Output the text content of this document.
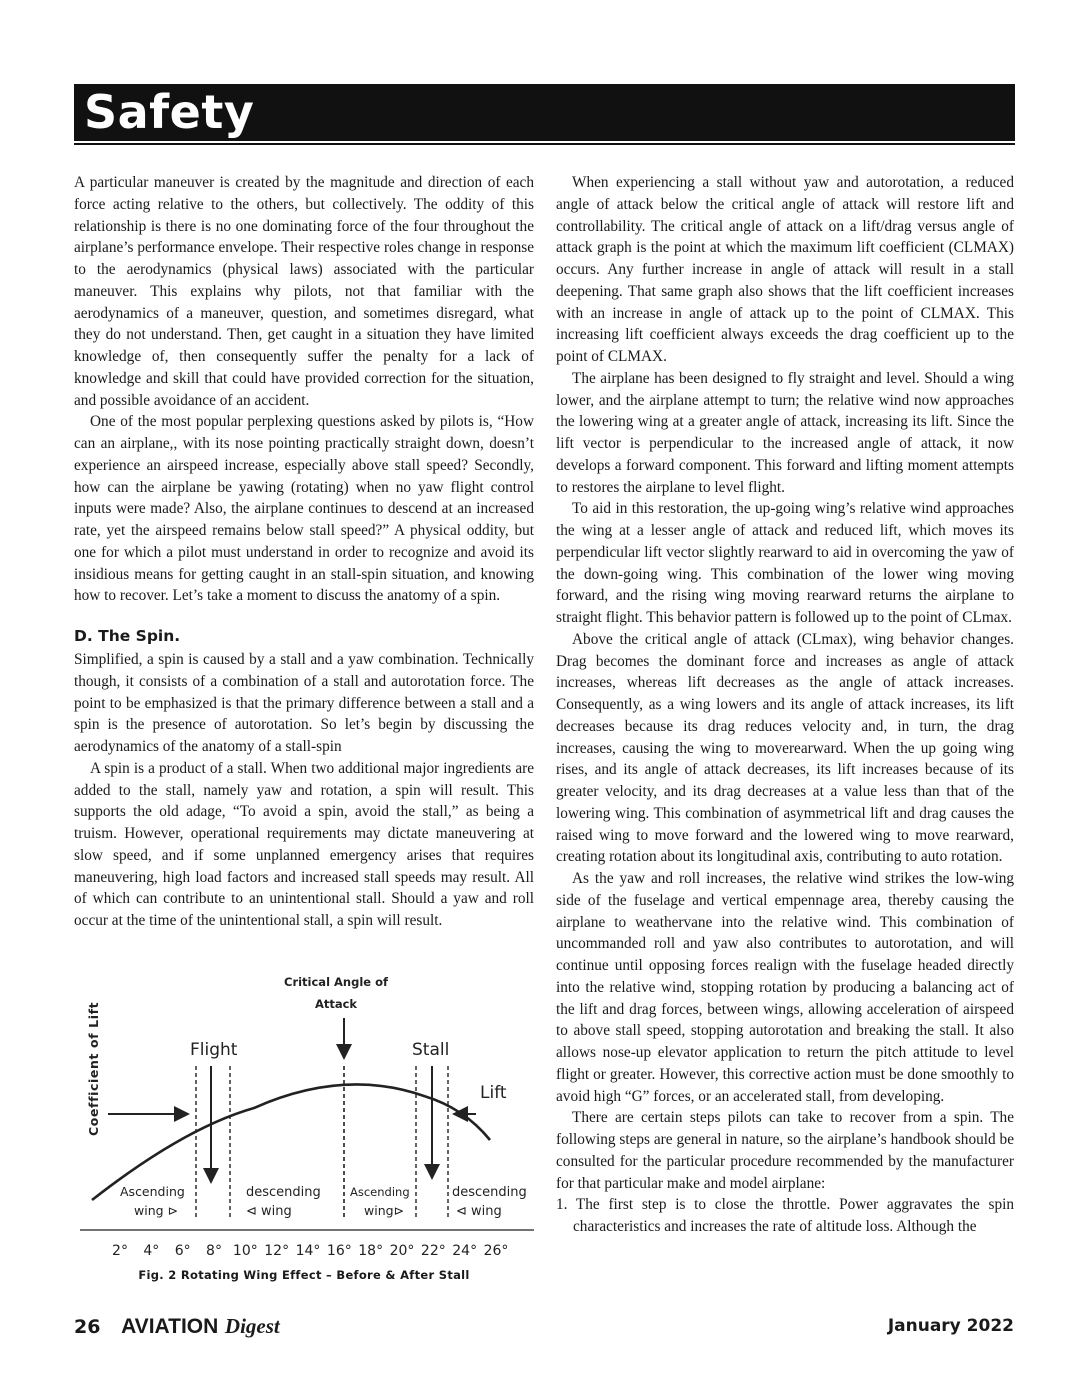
Safety

A particular maneuver is created by the magnitude and direction of each force acting relative to the others, but collectively. The oddity of this relationship is there is no one dominating force of the four throughout the airplane’s performance envelope. Their respective roles change in response to the aerodynamics (physical laws) associated with the particular maneuver. This explains why pilots, not that familiar with the aerodynamics of a maneuver, question, and sometimes disregard, what they do not understand. Then, get caught in a situation they have limited knowledge of, then consequently suffer the penalty for a lack of knowledge and skill that could have provided correction for the situation, and possible avoidance of an accident.

One of the most popular perplexing questions asked by pilots is, “How can an airplane,, with its nose pointing practically straight down, doesn’t experience an airspeed increase, especially above stall speed? Secondly, how can the airplane be yawing (rotating) when no yaw flight control inputs were made? Also, the airplane continues to descend at an increased rate, yet the airspeed remains below stall speed?” A physical oddity, but one for which a pilot must understand in order to recognize and avoid its insidious means for getting caught in an stall-spin situation, and knowing how to recover. Let’s take a moment to discuss the anatomy of a spin.

D. The Spin.

Simplified, a spin is caused by a stall and a yaw combination. Technically though, it consists of a combination of a stall and autorotation force. The point to be emphasized is that the primary difference between a stall and a spin is the presence of autorotation. So let’s begin by discussing the aerodynamics of the anatomy of a stall-spin

A spin is a product of a stall. When two additional major ingredients are added to the stall, namely yaw and rotation, a spin will result. This supports the old adage, “To avoid a spin, avoid the stall,” as being a truism. However, operational requirements may dictate maneuvering at slow speed, and if some unplanned emergency arises that requires maneuvering, high load factors and increased stall speeds may result. All of which can contribute to an unintentional stall. Should a yaw and roll occur at the time of the unintentional stall, a spin will result.

Coefficient of Lift
Critical Angle of
Attack
Flight	Stall
Lift
Ascending
wing ⊳
descending
⊲ wing
Ascending
wing⊳
descending
⊲ wing
2° 4° 6° 8° 10° 12° 14° 16° 18° 20° 22° 24° 26°
Fig. 2 Rotating Wing Effect – Before & After Stall

When experiencing a stall without yaw and autorotation, a reduced angle of attack below the critical angle of attack will restore lift and controllability. The critical angle of attack on a lift/drag versus angle of attack graph is the point at which the maximum lift coefficient (CLMAX) occurs. Any further increase in angle of attack will result in a stall deepening. That same graph also shows that the lift coefficient increases with an increase in angle of attack up to the point of CLMAX. This increasing lift coefficient always exceeds the drag coefficient up to the point of CLMAX.

The airplane has been designed to fly straight and level. Should a wing lower, and the airplane attempt to turn; the relative wind now approaches the lowering wing at a greater angle of attack, increasing its lift. Since the lift vector is perpendicular to the increased angle of attack, it now develops a forward component. This forward and lifting moment attempts to restores the airplane to level flight.

To aid in this restoration, the up-going wing’s relative wind approaches the wing at a lesser angle of attack and reduced lift, which moves its perpendicular lift vector slightly rearward to aid in overcoming the yaw of the down-going wing. This combination of the lower wing moving forward, and the rising wing moving rearward returns the airplane to straight flight. This behavior pattern is followed up to the point of CLmax.

Above the critical angle of attack (CLmax), wing behavior changes. Drag becomes the dominant force and increases as angle of attack increases, whereas lift decreases as the angle of attack increases. Consequently, as a wing lowers and its angle of attack increases, its lift decreases because its drag reduces velocity and, in turn, the drag increases, causing the wing to moverearward. When the up going wing rises, and its angle of attack decreases, its lift increases because of its greater velocity, and its drag decreases at a value less than that of the lowering wing. This combination of asymmetrical lift and drag causes the raised wing to move forward and the lowered wing to move rearward, creating rotation about its longitudinal axis, contributing to auto rotation.

As the yaw and roll increases, the relative wind strikes the low-wing side of the fuselage and vertical empennage area, thereby causing the airplane to weathervane into the relative wind. This combination of uncommanded roll and yaw also contributes to autorotation, and will continue until opposing forces realign with the fuselage headed directly into the relative wind, stopping rotation by producing a balancing act of the lift and drag forces, between wings, allowing acceleration of airspeed to above stall speed, stopping autorotation and breaking the stall. It also allows nose-up elevator application to return the pitch attitude to level flight or greater. However, this corrective action must be done smoothly to avoid high “G” forces, or an accelerated stall, from developing.

There are certain steps pilots can take to recover from a spin. The following steps are general in nature, so the airplane’s handbook should be consulted for the particular procedure recommended by the manufacturer for that particular make and model airplane:

1. The first step is to close the throttle. Power aggravates the spin characteristics and increases the rate of altitude loss. Although the

26 AVIATION Digest	January 2022
